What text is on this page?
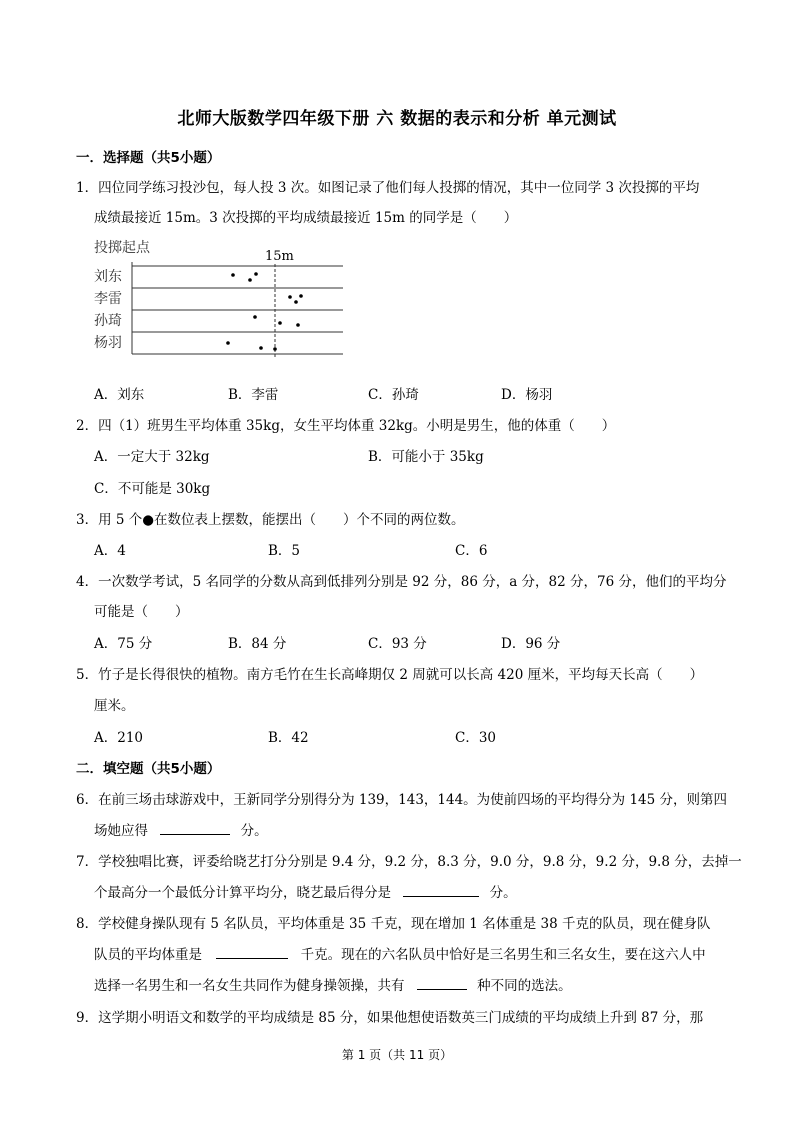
北师大版数学四年级下册 六 数据的表示和分析 单元测试
一．选择题（共5小题）
1．四位同学练习投沙包，每人投 3 次。如图记录了他们每人投掷的情况，其中一位同学 3 次投掷的平均
成绩最接近 15m。3 次投掷的平均成绩最接近 15m 的同学是（　　）
投掷起点
15m
刘东
李雷
孙琦
杨羽
A．刘东	B．李雷	C．孙琦	D．杨羽
2．四（1）班男生平均体重 35kg，女生平均体重 32kg。小明是男生，他的体重（　　）
A．一定大于 32kg	B．可能小于 35kg
C．不可能是 30kg
3．用 5 个●在数位表上摆数，能摆出（　　）个不同的两位数。
A．4	B．5	C．6
4．一次数学考试，5 名同学的分数从高到低排列分别是 92 分，86 分，a 分，82 分，76 分，他们的平均分
可能是（　　）
A．75 分	B．84 分	C．93 分	D．96 分
5．竹子是长得很快的植物。南方毛竹在生长高峰期仅 2 周就可以长高 420 厘米，平均每天长高（　　）
厘米。
A．210	B．42	C．30
二．填空题（共5小题）
6．在前三场击球游戏中，王新同学分别得分为 139，143，144。为使前四场的平均得分为 145 分，则第四
场她应得	分。
7．学校独唱比赛，评委给晓艺打分分别是 9.4 分，9.2 分，8.3 分，9.0 分，9.8 分，9.2 分，9.8 分，去掉一
个最高分一个最低分计算平均分，晓艺最后得分是	分。
8．学校健身操队现有 5 名队员，平均体重是 35 千克，现在增加 1 名体重是 38 千克的队员，现在健身队
队员的平均体重是	千克。现在的六名队员中恰好是三名男生和三名女生，要在这六人中
选择一名男生和一名女生共同作为健身操领操，共有	种不同的选法。
9．这学期小明语文和数学的平均成绩是 85 分，如果他想使语数英三门成绩的平均成绩上升到 87 分，那
第 1 页（共 11 页）
